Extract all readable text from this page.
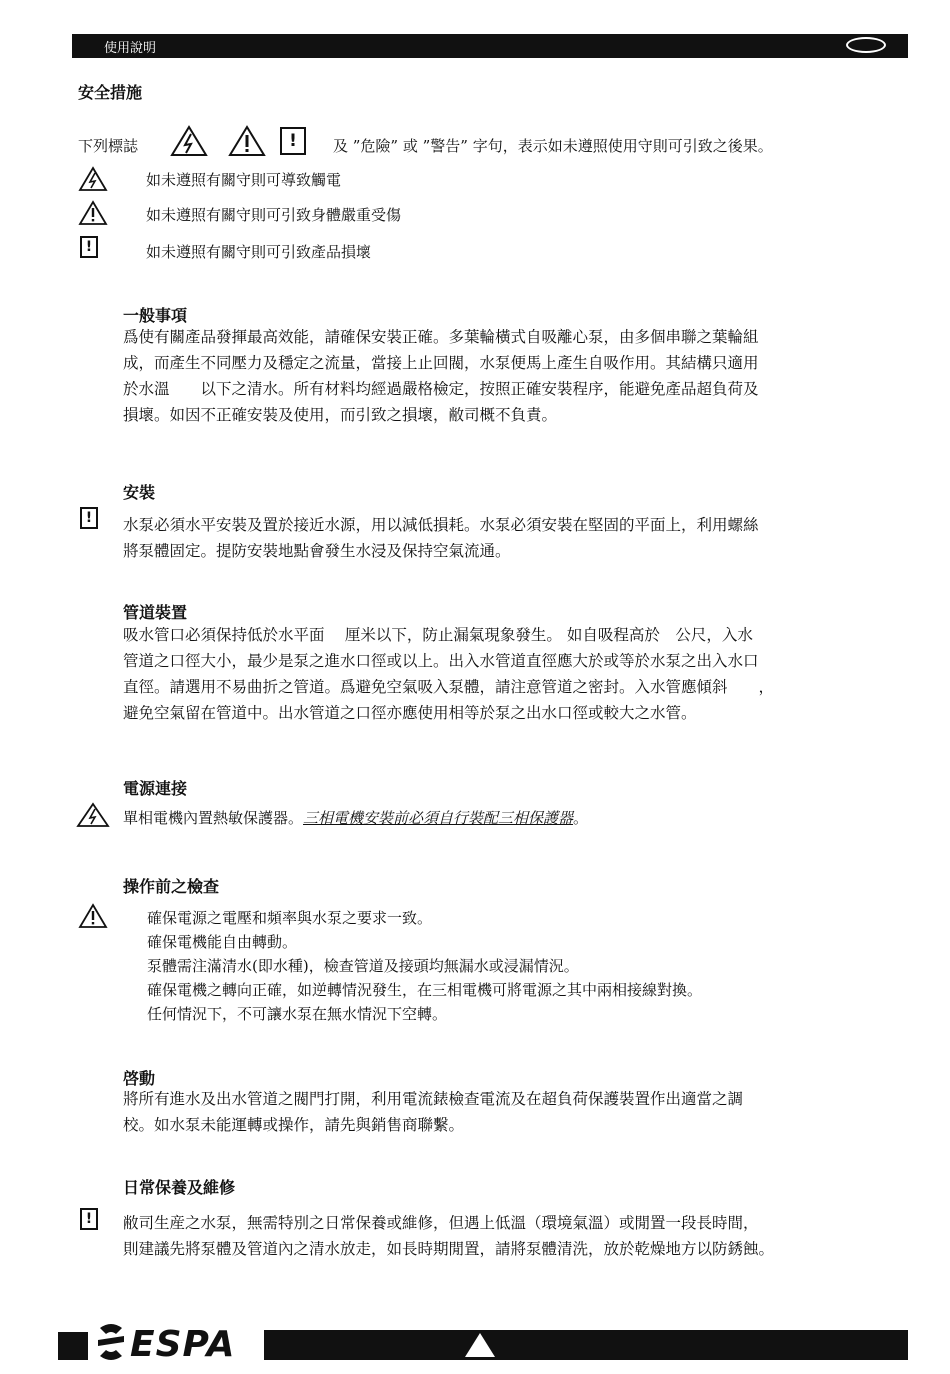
使用說明
安全措施
下列標誌	!	及 ”危險” 或 ”警告” 字句，表示如未遵照使用守則可引致之後果。
如未遵照有關守則可導致觸電
如未遵照有關守則可引致身體嚴重受傷
!	如未遵照有關守則可引致產品損壞
一般事項
爲使有關產品發揮最高效能，請確保安裝正確。多葉輪橫式自吸離心泵，由多個串聯之葉輪組
成，而產生不同壓力及穩定之流量，當接上止回閥，水泵便馬上產生自吸作用。其結構只適用
於水溫　　以下之清水。所有材料均經過嚴格檢定，按照正確安裝程序，能避免產品超負荷及
損壞。如因不正確安裝及使用，而引致之損壞，敝司概不負責。
安裝
!	水泵必須水平安裝及置於接近水源，用以減低損耗。水泵必須安裝在堅固的平面上，利用螺絲
將泵體固定。提防安裝地點會發生水浸及保持空氣流通。
管道裝置
吸水管口必須保持低於水平面　 厘米以下，防止漏氣現象發生。 如自吸程高於　公尺，入水
管道之口徑大小，最少是泵之進水口徑或以上。出入水管道直徑應大於或等於水泵之出入水口
直徑。請選用不易曲折之管道。爲避免空氣吸入泵體，請注意管道之密封。入水管應傾斜　　，
避免空氣留在管道中。出水管道之口徑亦應使用相等於泵之出水口徑或較大之水管。
電源連接
單相電機內置熱敏保護器。三相電機安裝前必須自行裝配三相保護器。
操作前之檢查
確保電源之電壓和頻率與水泵之要求一致。
確保電機能自由轉動。
泵體需注滿清水(即水種)，檢查管道及接頭均無漏水或浸漏情況。
確保電機之轉向正確，如逆轉情況發生，在三相電機可將電源之其中兩相接線對換。
任何情況下，不可讓水泵在無水情況下空轉。
啓動
將所有進水及出水管道之閥門打開，利用電流錶檢查電流及在超負荷保護裝置作出適當之調
校。如水泵未能運轉或操作，請先與銷售商聯繫。
日常保養及維修
!	敝司生産之水泵，無需特別之日常保養或維修，但遇上低溫（環境氣溫）或閒置一段長時間，
則建議先將泵體及管道內之清水放走，如長時期閒置，請將泵體清洗，放於乾燥地方以防銹蝕。
ESPA
